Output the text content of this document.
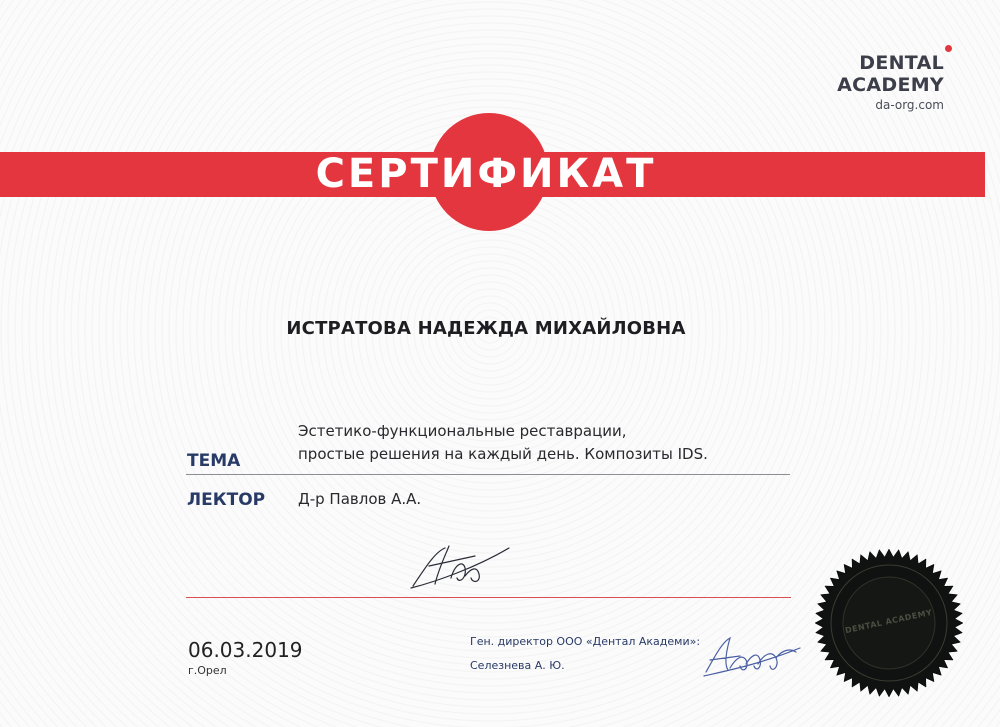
DENTAL
ACADEMY
da-org.com
СЕРТИФИКАТ
ИСТРАТОВА НАДЕЖДА МИХАЙЛОВНА
ТЕМА
Эстетико-функциональные реставрации,
простые решения на каждый день. Композиты IDS.
ЛЕКТОР Д-р Павлов А.А.
06.03.2019
г.Орел
Ген. директор ООО «Дентал Академи»:
Селезнева А. Ю.
DENTAL ACADEMY
